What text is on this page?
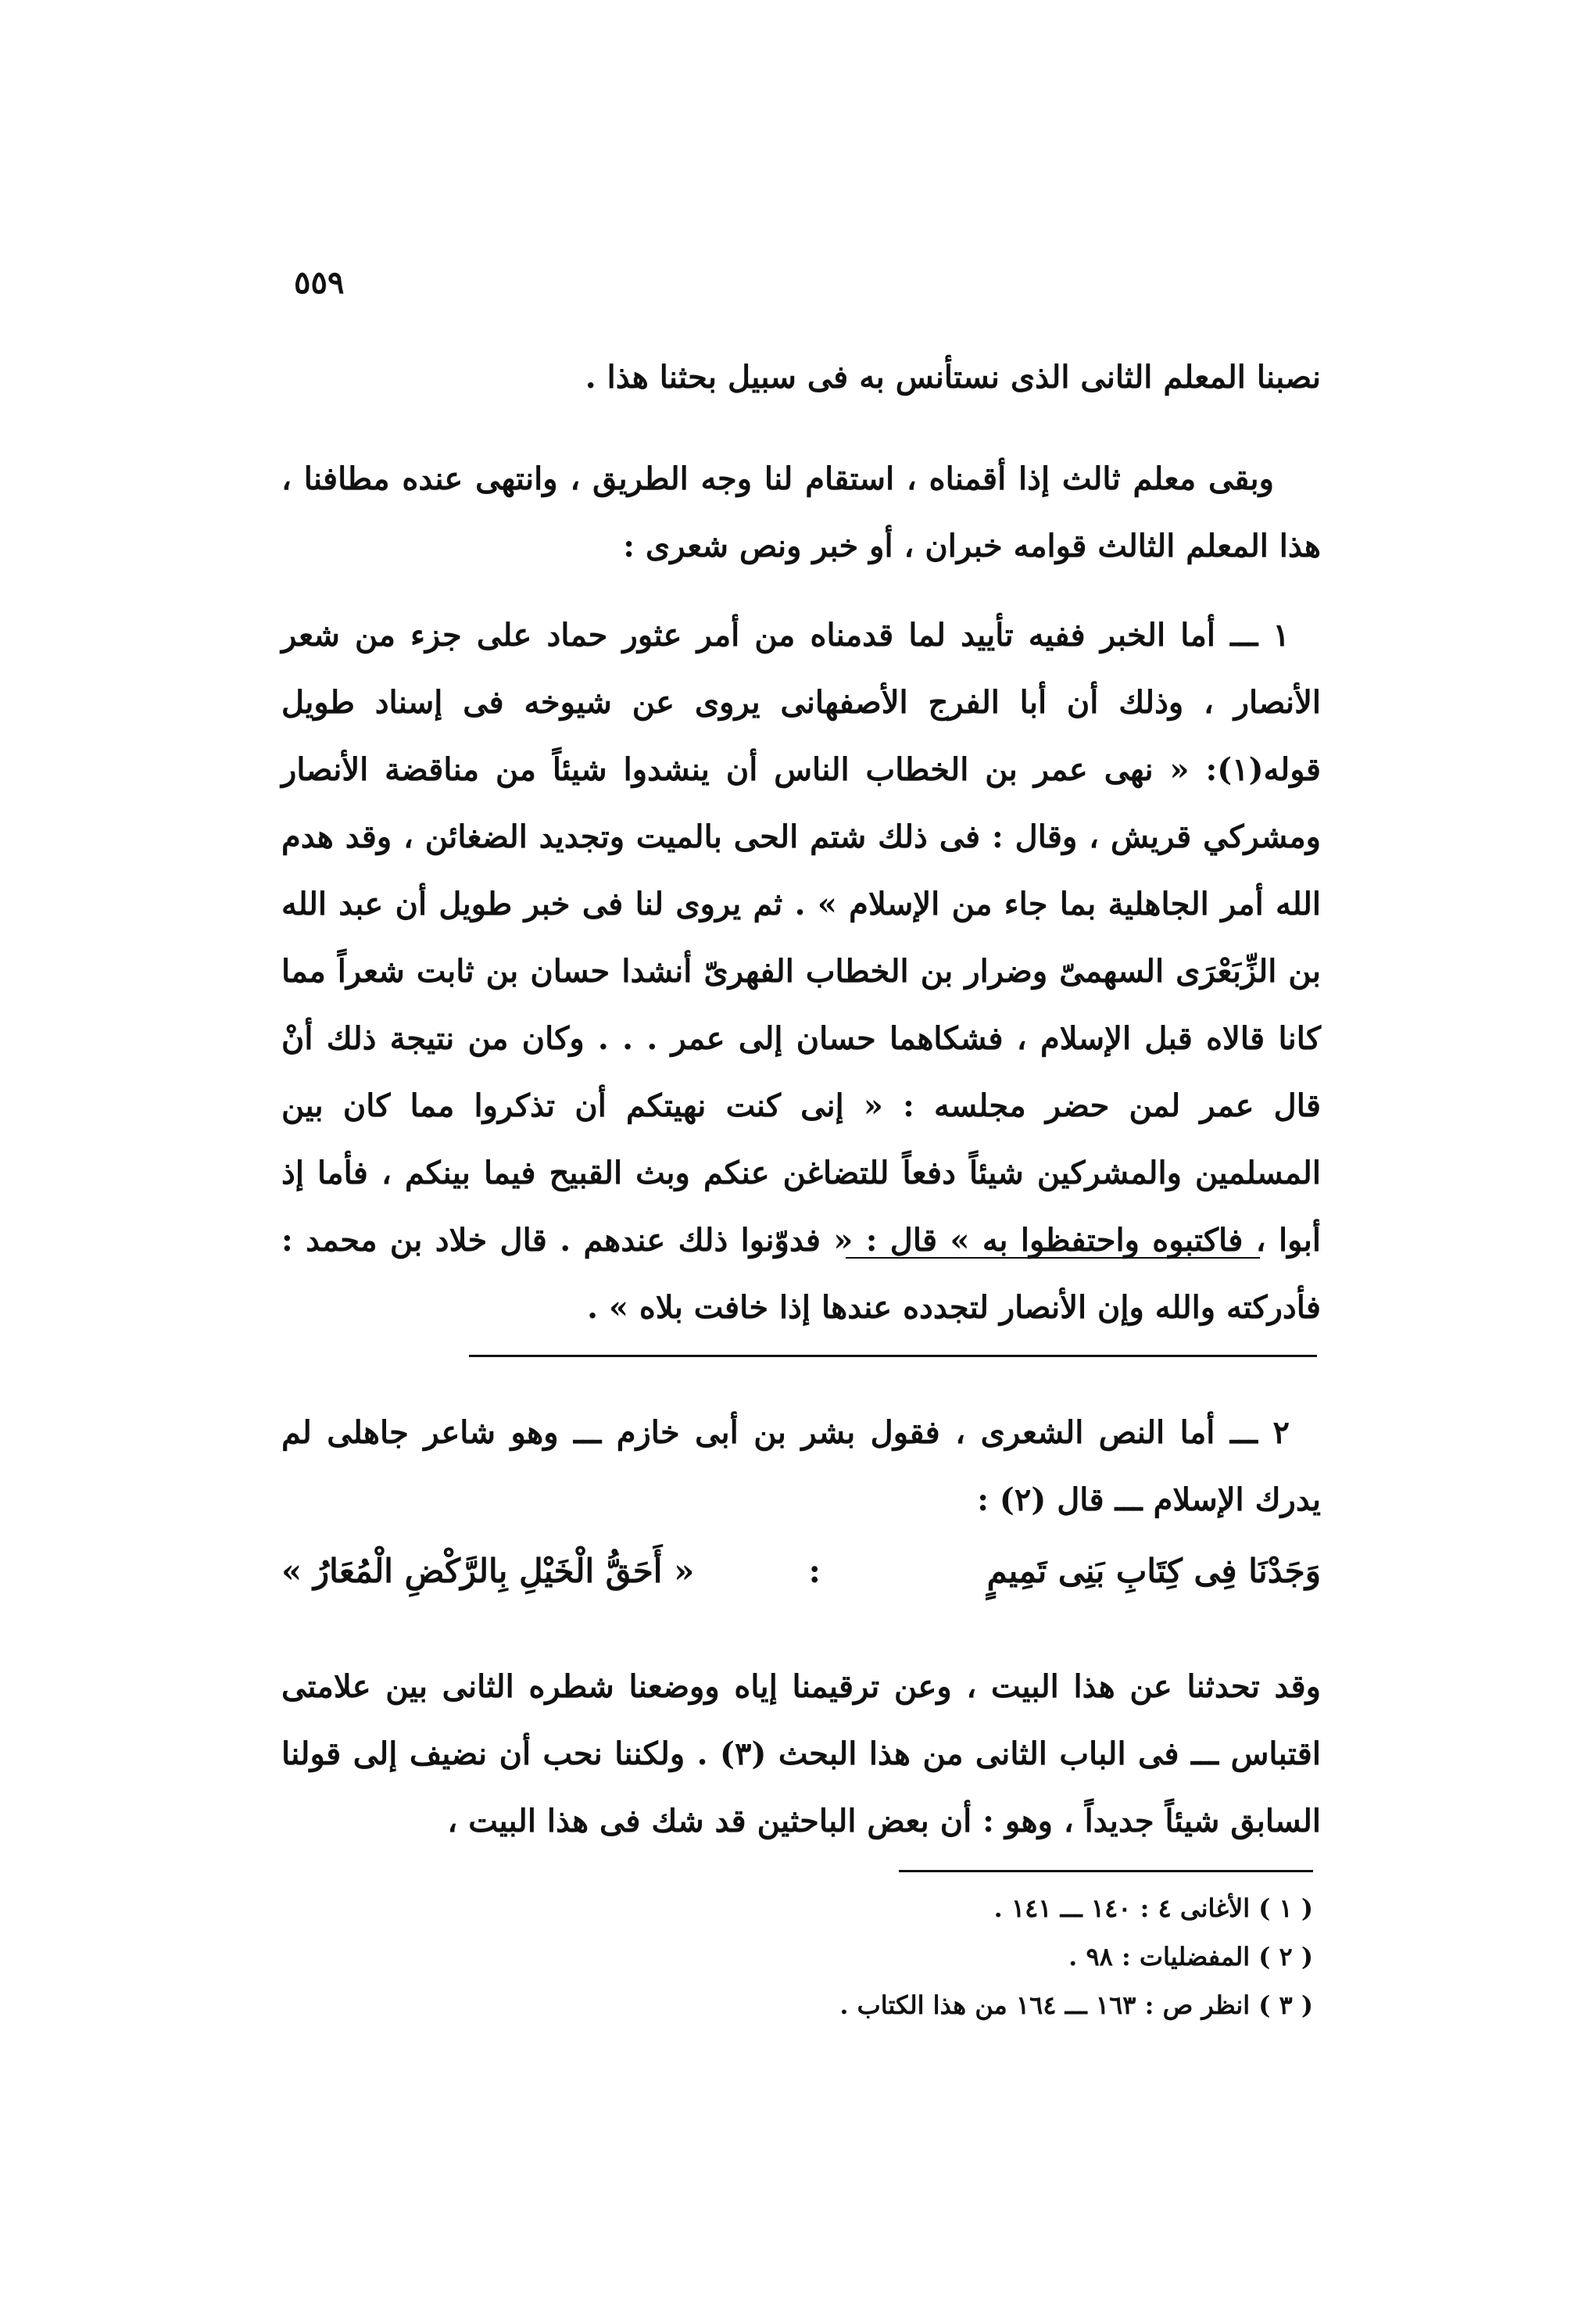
٥٥٩

نصبنا المعلم الثانى الذى نستأنس به فى سبيل بحثنا هذا .

وبقى معلم ثالث إذا أقمناه ، استقام لنا وجه الطريق ، وانتهى عنده مطافنا ، هذا المعلم الثالث قوامه خبران ، أو خبر ونص شعرى :

١ ـــ أما الخبر ففيه تأييد لما قدمناه من أمر عثور حماد على جزء من شعر الأنصار ، وذلك أن أبا الفرج الأصفهانى يروى عن شيوخه فى إسناد طويل قوله(١): « نهى عمر بن الخطاب الناس أن ينشدوا شيئاً من مناقضة الأنصار ومشركي قريش ، وقال : فى ذلك شتم الحى بالميت وتجديد الضغائن ، وقد هدم الله أمر الجاهلية بما جاء من الإسلام » . ثم يروى لنا فى خبر طويل أن عبد الله بن الزِّبَعْرَى السهمىّ وضرار بن الخطاب الفهرىّ أنشدا حسان بن ثابت شعراً مما كانا قالاه قبل الإسلام ، فشكاهما حسان إلى عمر . . . وكان من نتيجة ذلك أنْ قال عمر لمن حضر مجلسه : « إنى كنت نهيتكم أن تذكروا مما كان بين المسلمين والمشركين شيئاً دفعاً للتضاغن عنكم وبث القبيح فيما بينكم ، فأما إذ أبوا ، فاكتبوه واحتفظوا به » قال : « فدوّنوا ذلك عندهم . قال خلاد بن محمد : فأدركته والله وإن الأنصار لتجدده عندها إذا خافت بلاه » .

٢ ـــ أما النص الشعرى ، فقول بشر بن أبى خازم ـــ وهو شاعر جاهلى لم يدرك الإسلام ـــ قال (٢) :

وَجَدْنَا فِى كِتَابِ بَنِى تَمِيمٍ
:
« أَحَقُّ الْخَيْلِ بِالرَّكْضِ الْمُعَارُ »

وقد تحدثنا عن هذا البيت ، وعن ترقيمنا إياه ووضعنا شطره الثانى بين علامتى اقتباس ـــ فى الباب الثانى من هذا البحث (٣) . ولكننا نحب أن نضيف إلى قولنا السابق شيئاً جديداً ، وهو : أن بعض الباحثين قد شك فى هذا البيت ،

( ١ ) الأغانى ٤ : ١٤٠ ـــ ١٤١ .
( ٢ ) المفضليات : ٩٨ .
( ٣ ) انظر ص : ١٦٣ ـــ ١٦٤ من هذا الكتاب .
